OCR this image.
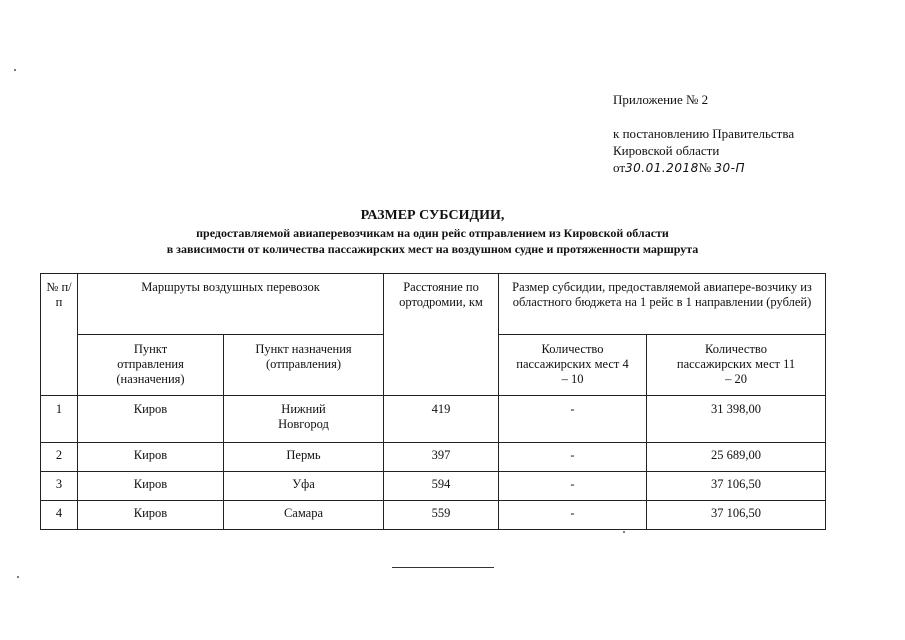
Приложение № 2
к постановлению Правительства
Кировской области
от30.01.2018№ 30-П
РАЗМЕР СУБСИДИИ,
предоставляемой авиаперевозчикам на один рейс отправлением из Кировской области
в зависимости от количества пассажирских мест на воздушном судне и протяженности маршрута
№ п/п	Маршруты воздушных перевозок		Расстояние по ортодромии, км	Размер субсидии, предоставляемой авиапере-возчику из областного бюджета на 1 рейс в 1 направлении (рублей)	
	Пункт отправления (назначения)	Пункт назначения (отправления)		Количество пассажирских мест 4 – 10	Количество пассажирских мест 11 – 20
1	Киров	Нижний Новгород	419	-	31 398,00
2	Киров	Пермь	397	-	25 689,00
3	Киров	Уфа	594	-	37 106,50
4	Киров	Самара	559	-	37 106,50
